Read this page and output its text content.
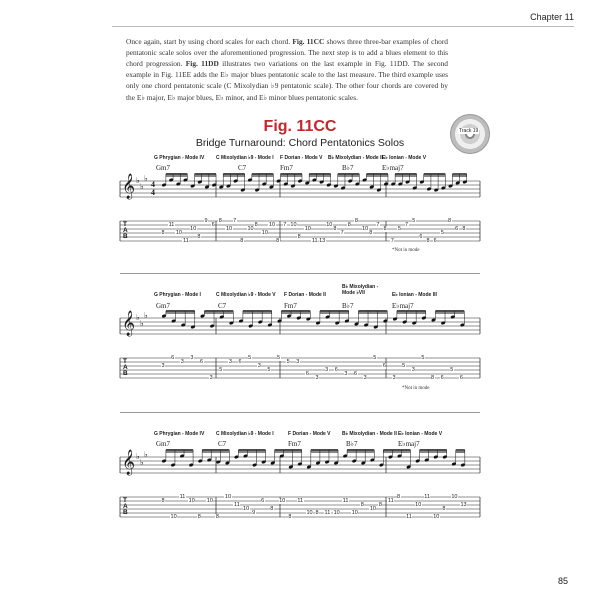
Chapter 11
Once again, start by using chord scales for each chord. Fig. 11CC shows three three-bar examples of chord pentatonic scale solos over the aforementioned progression. The next step is to add a blues element to this chord progression. Fig. 11DD illustrates two variations on the last example in Fig. 11DD. The second example in Fig. 11EE adds the E♭ major blues pentatonic scale to the last measure. The third example uses only one chord pentatonic scale (C Mixolydian ♭9 pentatonic scale). The other four chords are covered by the E♭ major, E♭ major blues, E♭ minor, and E♭ minor blues pentatonic scales.
Fig. 11CC
Bridge Turnaround: Chord Pentatonics Solos
Track 19
G Phrygian - Mode IV C Mixolydian ♭9 - Mode I F Dorian - Mode V B♭ Mixolydian - Mode II E♭ Ionian - Mode V
Gm7	C7	Fm7	B♭7	E♭maj7
*Not in mode
𝄞 ♭
♭
♭
4
4
T
A
B	8
11
10
11
10
8
9
6
8
10
7
8
10
8
10
10
8
7 10
8
10
11 13
10
8
7
8
8
10
8
7
8
7
5
7
5
6
8 6
5
8
6 8
G Phrygian - Mode I	C Mixolydian ♭9 - Mode V F Dorian - Mode II
B♭ Mixolydian - Mode ♭VII	E♭ Ionian - Mode III
Gm7	C7	Fm7	B♭7	E♭maj7
*Not in mode
𝄞 ♭
♭
♭
T
A
B
3
6
3
3
6
3
5
3 6
5
3
5
5
5 3
6
3
3 6
3 6
3
5
6
3
5
3
5
8 6
5
6
G Phrygian - Mode IV C Mixolydian ♭9 - Mode I	F Dorian - Mode V B♭ Mixolydian - Mode II E♭ Ionian - Mode V
Gm7	C7	Fm7	B♭7	E♭maj7
𝄞 ♭
♭
♭
T
A
B
8
10
11
10
8
10
8
10
11
10
9
6
8
10
8
11
10 8 11 10
11
10
8
10
8
11
8
11
10
11
10
8
10
13
85
